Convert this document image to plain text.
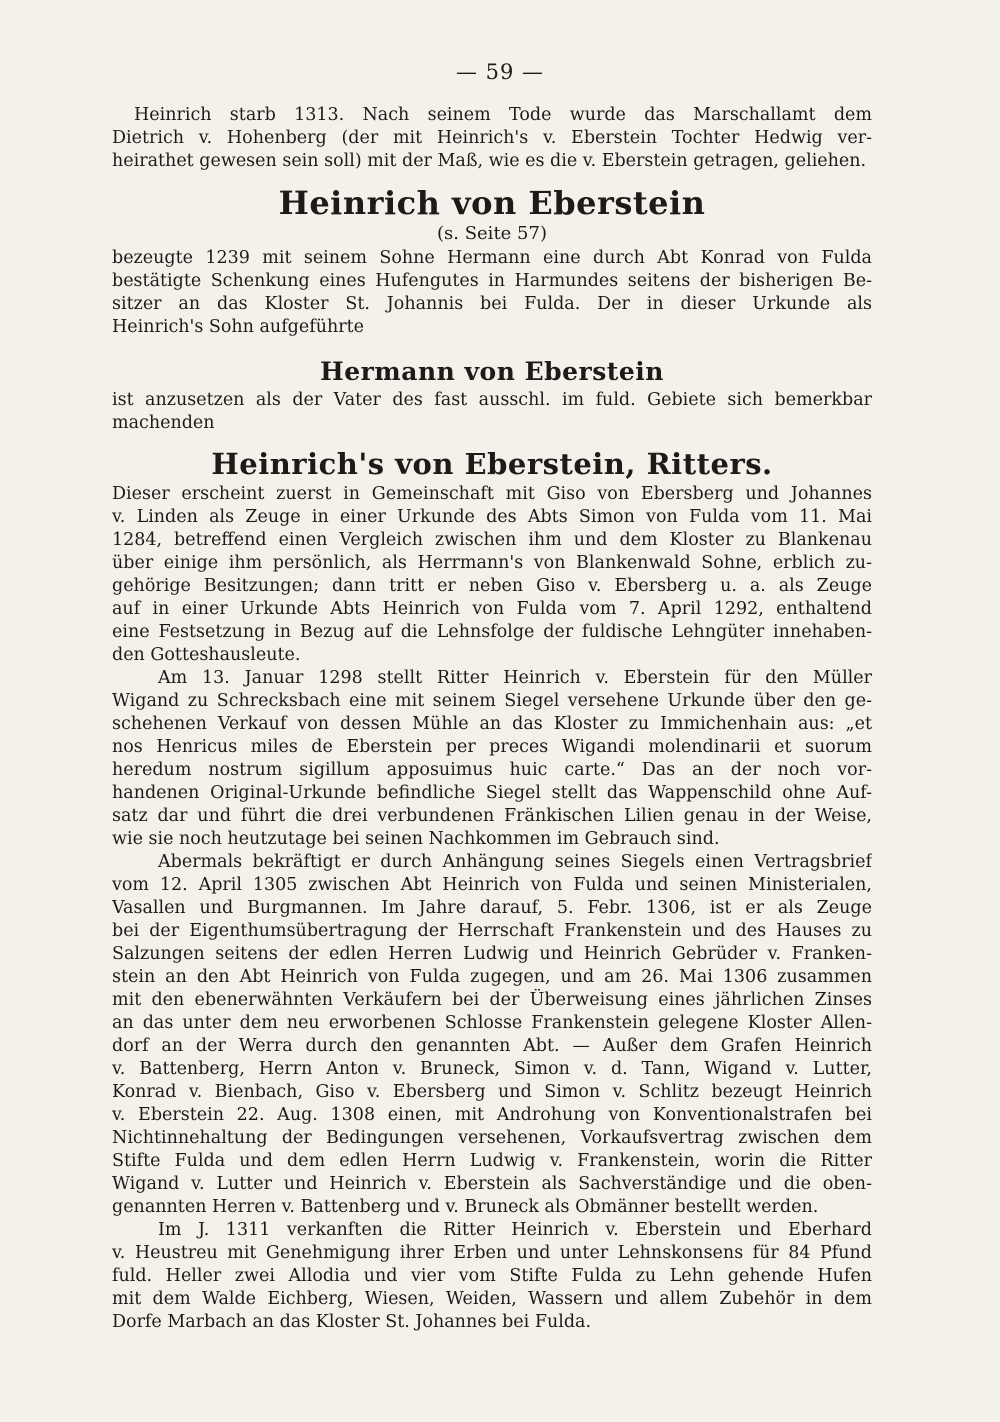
— 59 —
Heinrich starb 1313. Nach seinem Tode wurde das Marschallamt dem
Dietrich v. Hohenberg (der mit Heinrich's v. Eberstein Tochter Hedwig ver-
heirathet gewesen sein soll) mit der Maß, wie es die v. Eberstein getragen, geliehen.
Heinrich von Eberstein
(s. Seite 57)
bezeugte 1239 mit seinem Sohne Hermann eine durch Abt Konrad von Fulda
bestätigte Schenkung eines Hufengutes in Harmundes seitens der bisherigen Be-
sitzer an das Kloster St. Johannis bei Fulda. Der in dieser Urkunde als
Heinrich's Sohn aufgeführte
Hermann von Eberstein
ist anzusetzen als der Vater des fast ausschl. im fuld. Gebiete sich bemerkbar
machenden
Heinrich's von Eberstein, Ritters.
Dieser erscheint zuerst in Gemeinschaft mit Giso von Ebersberg und Johannes
v. Linden als Zeuge in einer Urkunde des Abts Simon von Fulda vom 11. Mai
1284, betreffend einen Vergleich zwischen ihm und dem Kloster zu Blankenau
über einige ihm persönlich, als Herrmann's von Blankenwald Sohne, erblich zu-
gehörige Besitzungen; dann tritt er neben Giso v. Ebersberg u. a. als Zeuge
auf in einer Urkunde Abts Heinrich von Fulda vom 7. April 1292, enthaltend
eine Festsetzung in Bezug auf die Lehnsfolge der fuldische Lehngüter innehaben-
den Gotteshausleute.
Am 13. Januar 1298 stellt Ritter Heinrich v. Eberstein für den Müller
Wigand zu Schrecksbach eine mit seinem Siegel versehene Urkunde über den ge-
schehenen Verkauf von dessen Mühle an das Kloster zu Immichenhain aus: „et
nos Henricus miles de Eberstein per preces Wigandi molendinarii et suorum
heredum nostrum sigillum apposuimus huic carte.“ Das an der noch vor-
handenen Original-Urkunde befindliche Siegel stellt das Wappenschild ohne Auf-
satz dar und führt die drei verbundenen Fränkischen Lilien genau in der Weise,
wie sie noch heutzutage bei seinen Nachkommen im Gebrauch sind.
Abermals bekräftigt er durch Anhängung seines Siegels einen Vertragsbrief
vom 12. April 1305 zwischen Abt Heinrich von Fulda und seinen Ministerialen,
Vasallen und Burgmannen. Im Jahre darauf, 5. Febr. 1306, ist er als Zeuge
bei der Eigenthumsübertragung der Herrschaft Frankenstein und des Hauses zu
Salzungen seitens der edlen Herren Ludwig und Heinrich Gebrüder v. Franken-
stein an den Abt Heinrich von Fulda zugegen, und am 26. Mai 1306 zusammen
mit den ebenerwähnten Verkäufern bei der Überweisung eines jährlichen Zinses
an das unter dem neu erworbenen Schlosse Frankenstein gelegene Kloster Allen-
dorf an der Werra durch den genannten Abt. — Außer dem Grafen Heinrich
v. Battenberg, Herrn Anton v. Bruneck, Simon v. d. Tann, Wigand v. Lutter,
Konrad v. Bienbach, Giso v. Ebersberg und Simon v. Schlitz bezeugt Heinrich
v. Eberstein 22. Aug. 1308 einen, mit Androhung von Konventionalstrafen bei
Nichtinnehaltung der Bedingungen versehenen, Vorkaufsvertrag zwischen dem
Stifte Fulda und dem edlen Herrn Ludwig v. Frankenstein, worin die Ritter
Wigand v. Lutter und Heinrich v. Eberstein als Sachverständige und die oben-
genannten Herren v. Battenberg und v. Bruneck als Obmänner bestellt werden.
Im J. 1311 verkanften die Ritter Heinrich v. Eberstein und Eberhard
v. Heustreu mit Genehmigung ihrer Erben und unter Lehnskonsens für 84 Pfund
fuld. Heller zwei Allodia und vier vom Stifte Fulda zu Lehn gehende Hufen
mit dem Walde Eichberg, Wiesen, Weiden, Wassern und allem Zubehör in dem
Dorfe Marbach an das Kloster St. Johannes bei Fulda.
